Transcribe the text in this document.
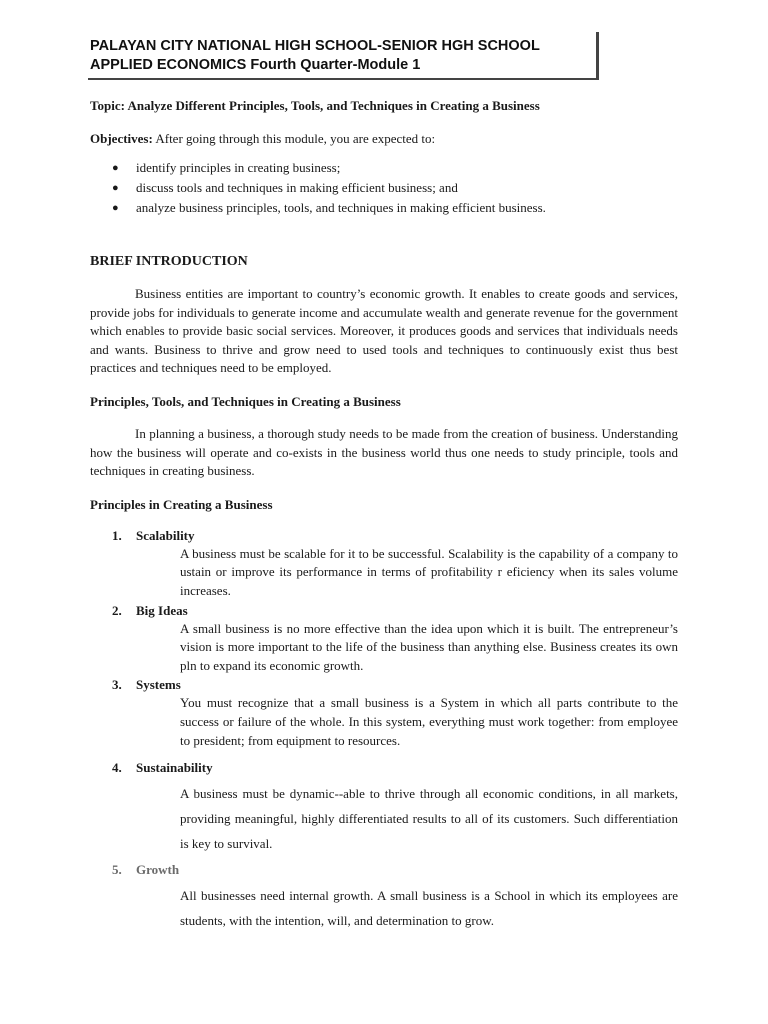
PALAYAN CITY NATIONAL HIGH SCHOOL-SENIOR HGH SCHOOL
APPLIED ECONOMICS Fourth Quarter-Module 1

Topic: Analyze Different Principles, Tools, and Techniques in Creating a Business

Objectives: After going through this module, you are expected to:

● identify principles in creating business;
● discuss tools and techniques in making efficient business; and
● analyze business principles, tools, and techniques in making efficient business.
BRIEF INTRODUCTION

Business entities are important to country’s economic growth. It enables to create goods and services, provide jobs for individuals to generate income and accumulate wealth and generate revenue for the government which enables to provide basic social services. Moreover, it produces goods and services that individuals needs and wants. Business to thrive and grow need to used tools and techniques to continuously exist thus best practices and techniques need to be employed.

Principles, Tools, and Techniques in Creating a Business

In planning a business, a thorough study needs to be made from the creation of business. Understanding how the business will operate and co-exists in the business world thus one needs to study principle, tools and techniques in creating business.

Principles in Creating a Business
1.	Scalability
A business must be scalable for it to be successful. Scalability is the capability of a company to ustain or improve its performance in terms of profitability r eficiency when its sales volume increases.
2.	Big Ideas
A small business is no more effective than the idea upon which it is built. The entrepreneur’s vision is more important to the life of the business than anything else. Business creates its own pln to expand its economic growth.
3.	Systems
You must recognize that a small business is a System in which all parts contribute to the success or failure of the whole. In this system, everything must work together: from employee to president; from equipment to resources.
4.	Sustainability
A business must be dynamic--able to thrive through all economic conditions, in all markets, providing meaningful, highly differentiated results to all of its customers. Such differentiation is key to survival.
5.	Growth
All businesses need internal growth. A small business is a School in which its employees are students, with the intention, will, and determination to grow.
